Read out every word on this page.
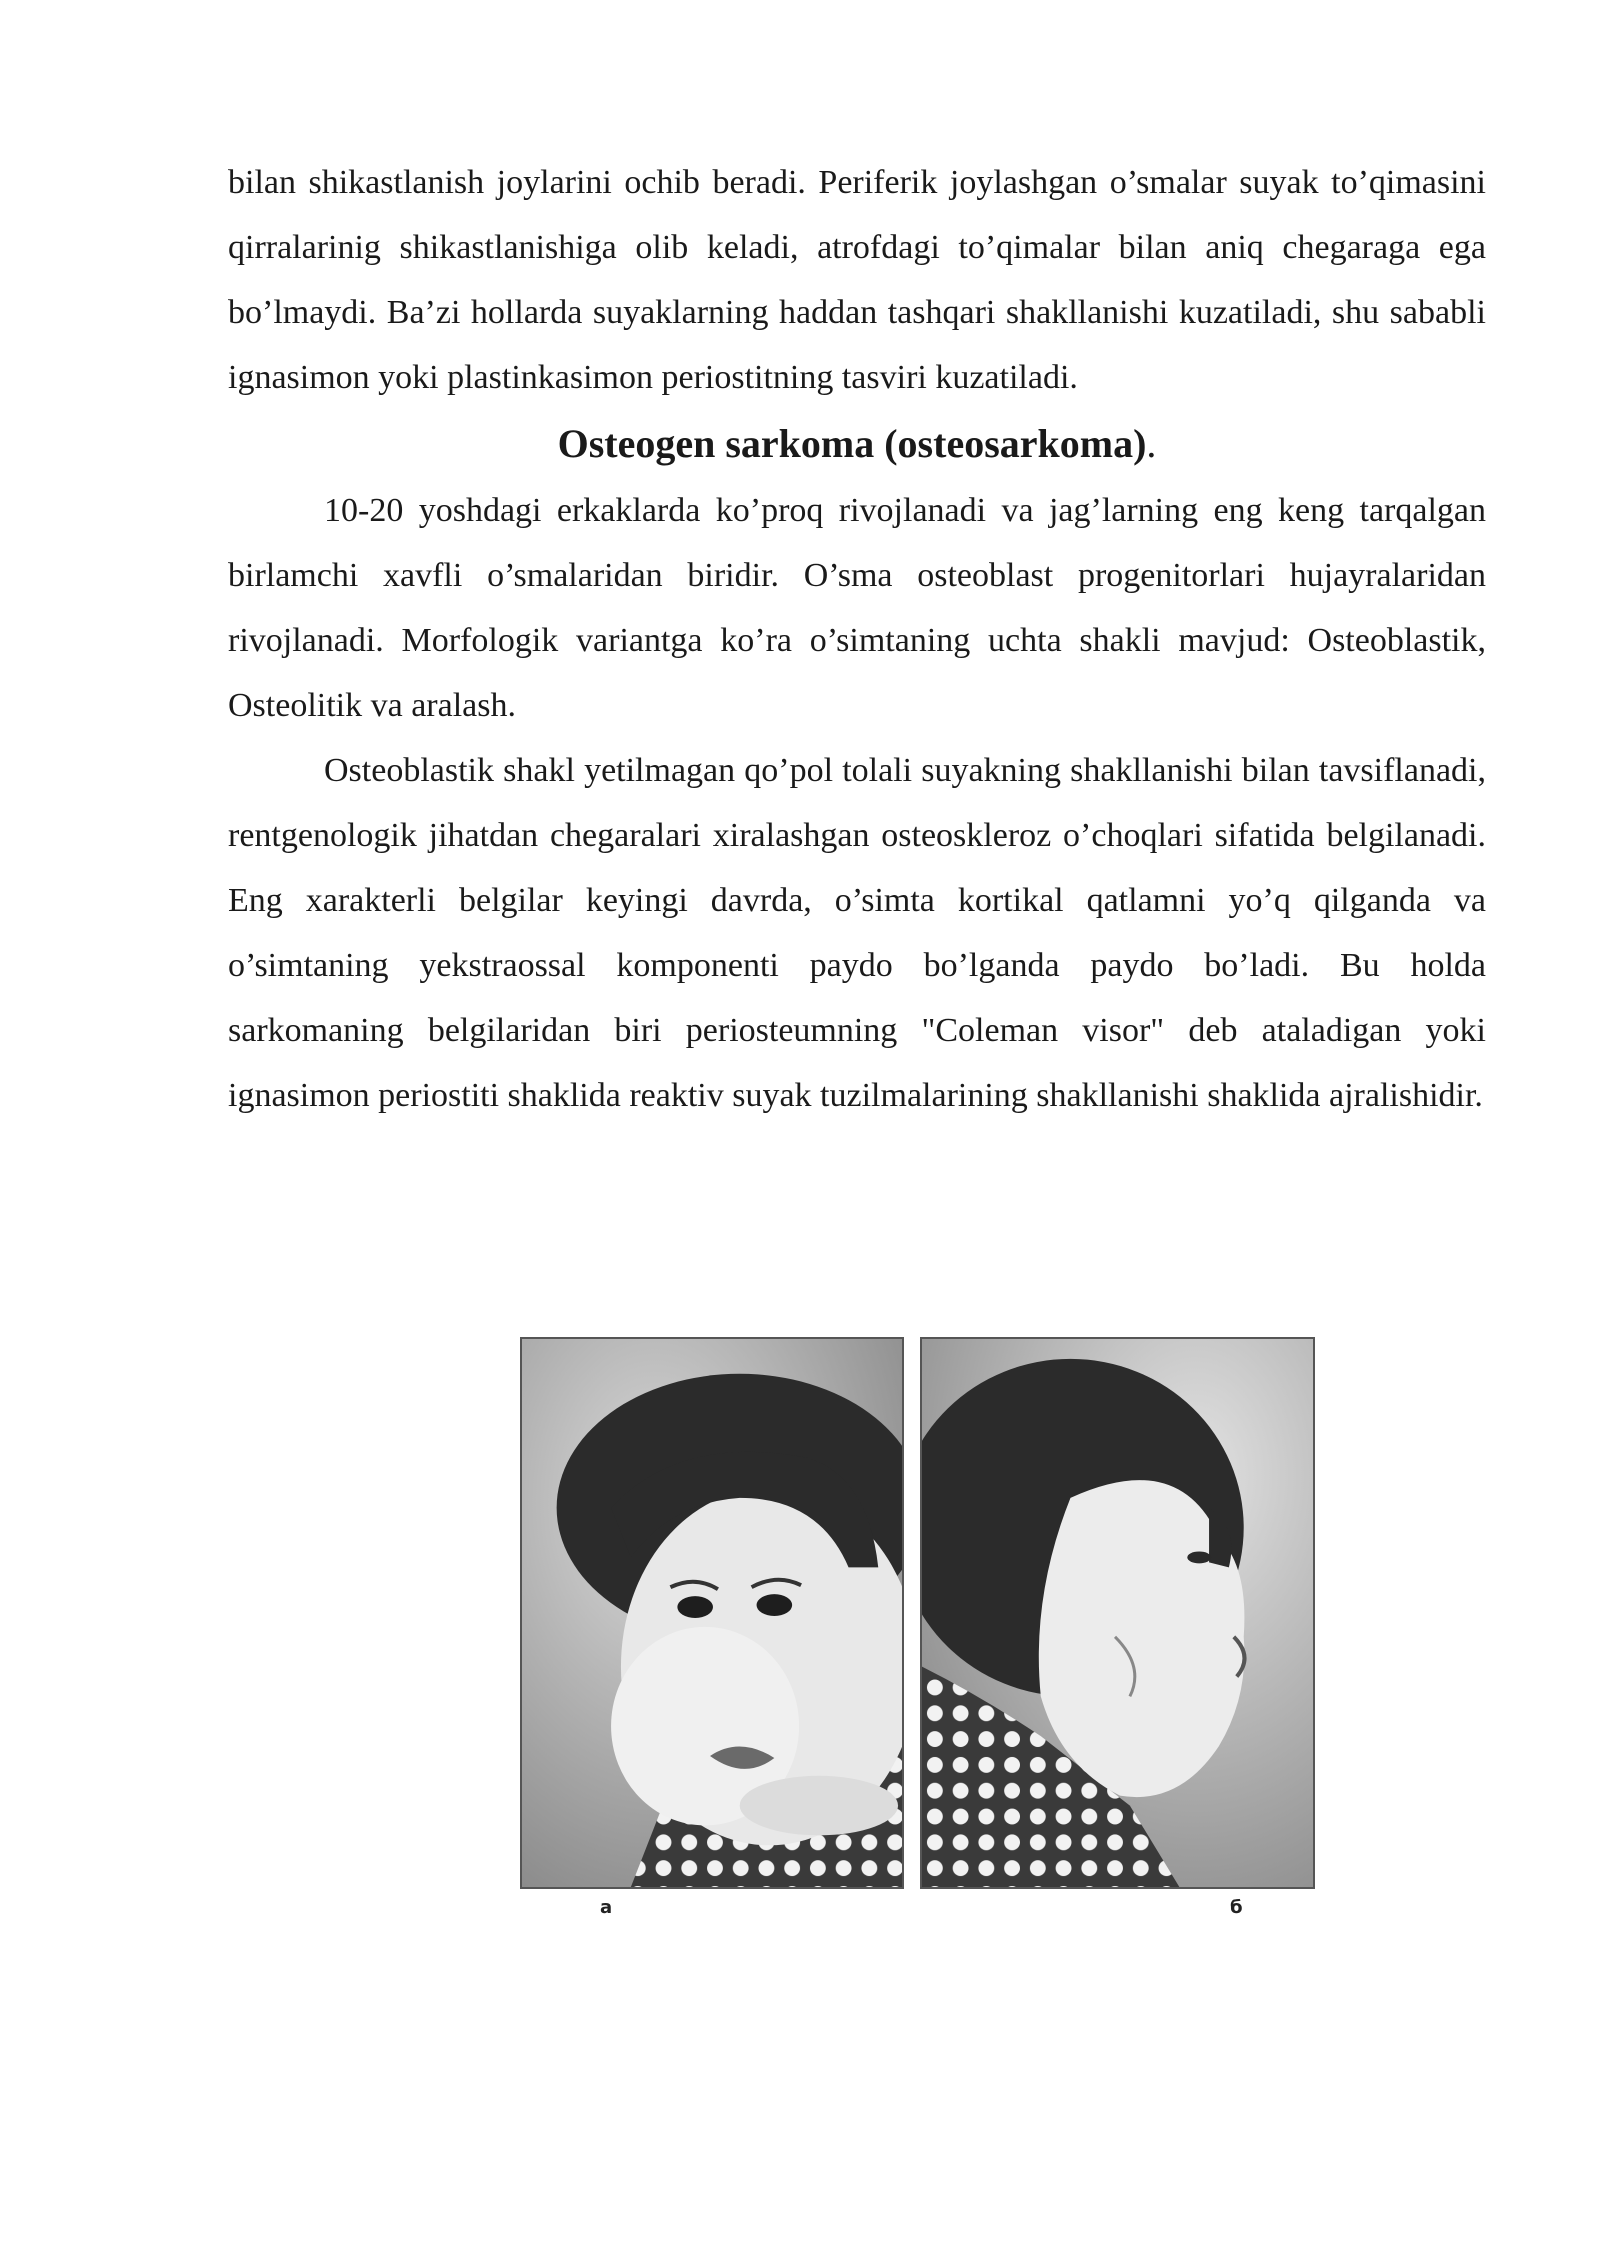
bilan shikastlanish joylarini ochib beradi. Periferik joylashgan o’smalar suyak to’qimasini qirralarinig shikastlanishiga olib keladi, atrofdagi to’qimalar bilan aniq chegaraga ega bo’lmaydi. Ba’zi hollarda suyaklarning haddan tashqari shakllanishi kuzatiladi, shu sababli ignasimon yoki plastinkasimon periostitning tasviri kuzatiladi.

Osteogen sarkoma (osteosarkoma).

10-20 yoshdagi erkaklarda ko’proq rivojlanadi va jag’larning eng keng tarqalgan birlamchi xavfli o’smalaridan biridir. O’sma osteoblast progenitorlari hujayralaridan rivojlanadi. Morfologik variantga ko’ra o’simtaning uchta shakli mavjud: Osteoblastik, Osteolitik va aralash.

Osteoblastik shakl yetilmagan qo’pol tolali suyakning shakllanishi bilan tavsiflanadi, rentgenologik jihatdan chegaralari xiralashgan osteoskleroz o’choqlari sifatida belgilanadi. Eng xarakterli belgilar keyingi davrda, o’simta kortikal qatlamni yo’q qilganda va o’simtaning yekstraossal komponenti paydo bo’lganda paydo bo’ladi. Bu holda sarkomaning belgilaridan biri periosteumning "Coleman visor" deb ataladigan yoki ignasimon periostiti shaklida reaktiv suyak tuzilmalarining shakllanishi shaklida ajralishidir.

a	б
